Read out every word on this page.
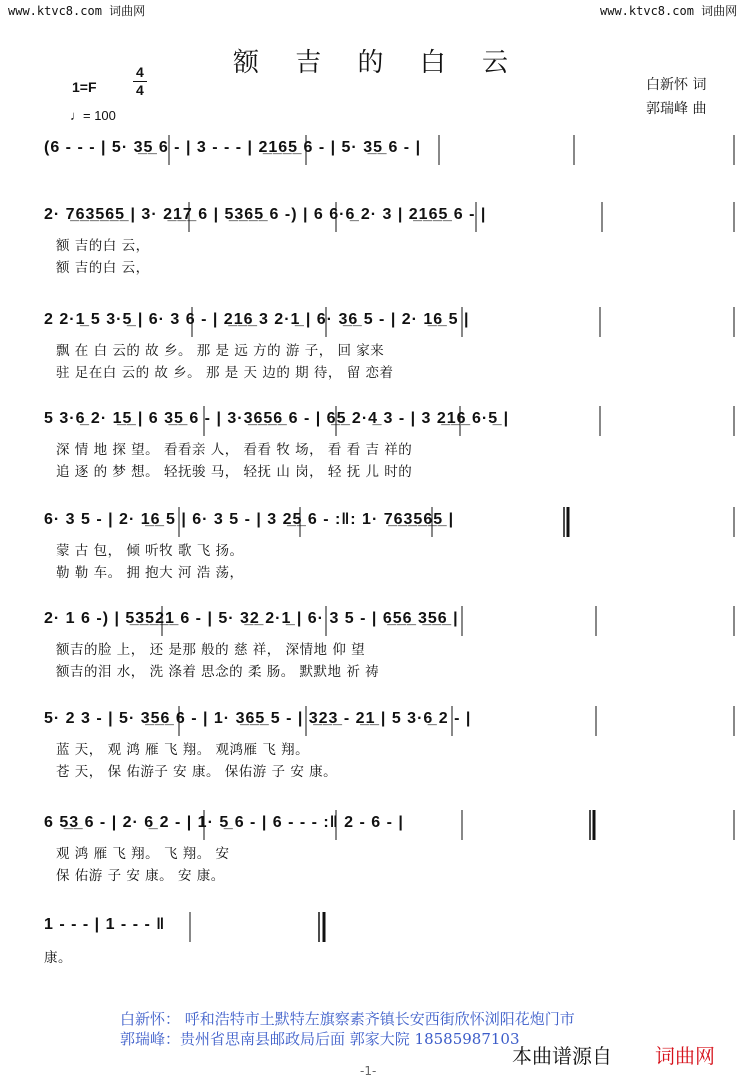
www.ktvc8.com 词曲网	www.ktvc8.com 词曲网
额 吉 的 白 云
1=F
4
4
♩= 100
白新怀 词
郭瑞峰 曲
(6 - - - | 5· 3̲5̲ 6 - | 3 - - - | 2̲1̲6̲5̲ 6 - | 5· 3̲5̲ 6 - |
2· 7̲6̲3̲5̲6̲5̲ | 3· 2̲1̲7̲ 6 | 5̲3̲6̲5̲ 6 -) | 6 6·6̲ 2· 3 | 2̲1̲6̲5̲ 6 - |
额 吉的白 云，
额 吉的白 云，
2 2·1̲ 5 3·5̲ | 6· 3 6 - | 2̲1̲6̲ 3 2·1̲ | 6· 3̲6̲ 5 - | 2· 1̲6̲ 5 |
飘 在 白 云的 故 乡。 那 是 远 方的 游 子， 回 家来
驻 足在白 云的 故 乡。 那 是 天 边的 期 待， 留 恋着
5 3·6̲ 2· 1̲5̲ | 6 3̲5̲ 6 - | 3·3̲6̲5̲6̲ 6 - | 6̲5̲ 2·4̲ 3 - | 3 2̲1̲6̲ 6·5̲ |
深 情 地 探 望。 看看亲 人， 看看 牧 场， 看 看 吉 祥的
追 逐 的 梦 想。 轻抚骏 马， 轻抚 山 岗， 轻 抚 儿 时的
6· 3 5 - | 2· 1̲6̲ 5 | 6· 3 5 - | 3 2̲5̲ 6 - :‖: 1· 7̲6̲3̲5̲6̲5̲ |
蒙 古 包， 倾 听牧 歌 飞 扬。
勒 勒 车。 拥 抱大 河 浩 荡，
2· 1 6 -) | 5̲3̲5̲2̲1̲ 6 - | 5· 3̲2̲ 2·1̲ | 6· 3 5 - | 6̲5̲6̲ 3̲5̲6̲ |
额吉的脸 上， 还 是那 般的 慈 祥， 深情地 仰 望
额吉的泪 水， 洗 涤着 思念的 柔 肠。 默默地 祈 祷
5· 2 3 - | 5· 3̲5̲6̲ 6 - | 1· 3̲6̲5̲ 5 - | 3̲2̲3̲ - 2̲1̲ | 5 3·6̲ 2 - |
蓝 天， 观 鸿 雁 飞 翔。 观鸿雁 飞 翔。
苍 天， 保 佑游子 安 康。 保佑游 子 安 康。
6 5̲3̲ 6 - | 2· 6̲ 2 - | 1· 5̲ 6 - | 6 - - - :‖ 2 - 6 - |
观 鸿 雁 飞 翔。 飞 翔。 安
保 佑游 子 安 康。 安 康。
1 - - - | 1 - - - ‖
康。
白新怀： 呼和浩特市土默特左旗察素齐镇长安西街欣怀浏阳花炮门市
郭瑞峰：贵州省思南县邮政局后面 郭家大院 18585987103
本曲谱源自 词曲网
-1-
